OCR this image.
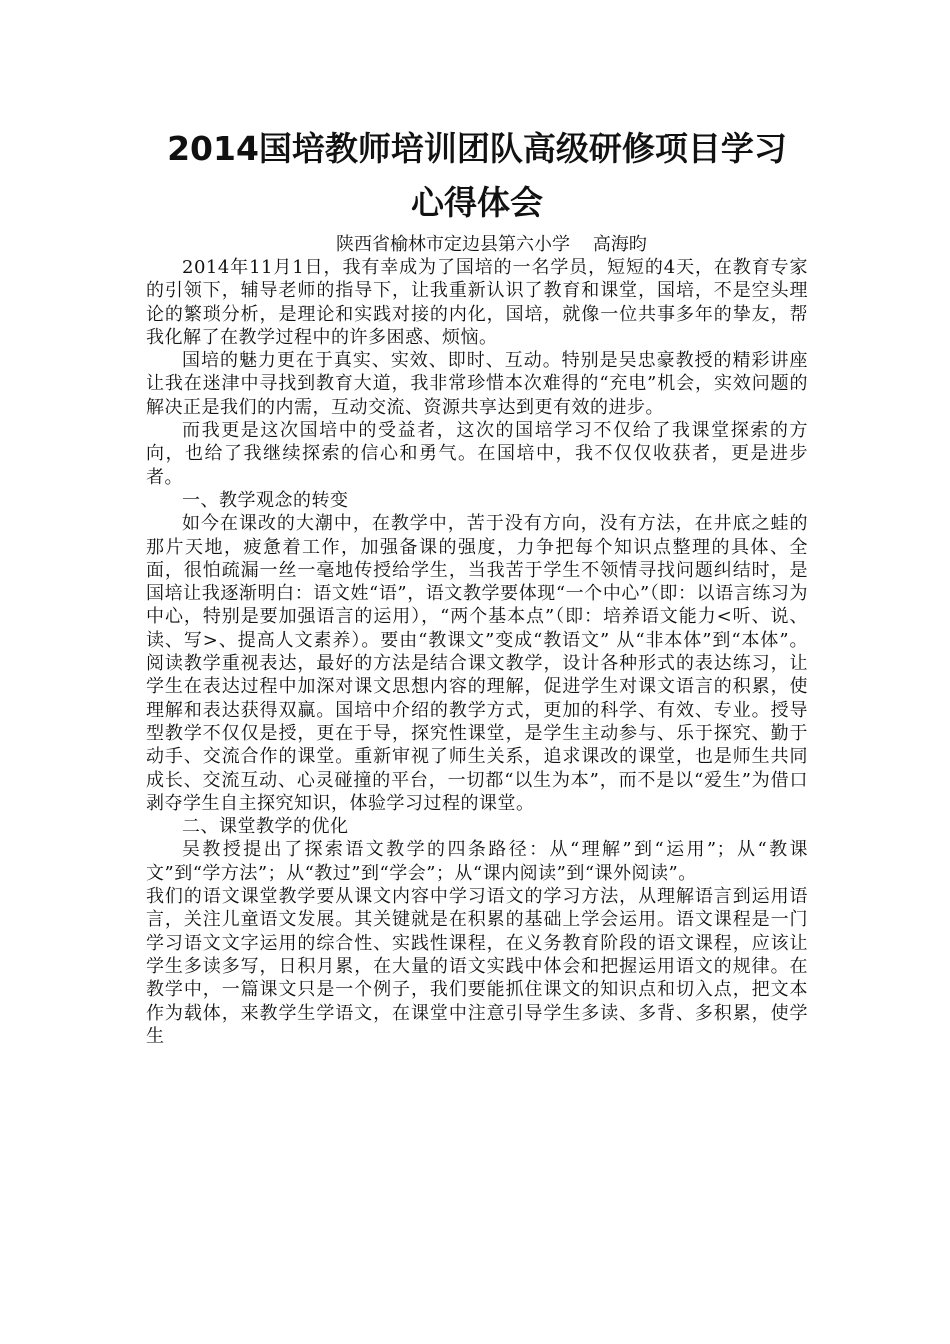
2014国培教师培训团队高级研修项目学习
心得体会
陕西省榆林市定边县第六小学    高海昀

2014年11月1日，我有幸成为了国培的一名学员，短短的4天，在教育专家的引领下，辅导老师的指导下，让我重新认识了教育和课堂，国培，不是空头理论的繁琐分析，是理论和实践对接的内化，国培，就像一位共事多年的挚友，帮我化解了在教学过程中的许多困惑、烦恼。

国培的魅力更在于真实、实效、即时、互动。特别是吴忠豪教授的精彩讲座让我在迷津中寻找到教育大道，我非常珍惜本次难得的“充电”机会，实效问题的解决正是我们的内需，互动交流、资源共享达到更有效的进步。

而我更是这次国培中的受益者，这次的国培学习不仅给了我课堂探索的方向，也给了我继续探索的信心和勇气。在国培中，我不仅仅收获者，更是进步者。

一、教学观念的转变

如今在课改的大潮中，在教学中，苦于没有方向，没有方法，在井底之蛙的那片天地，疲惫着工作，加强备课的强度，力争把每个知识点整理的具体、全面，很怕疏漏一丝一毫地传授给学生，当我苦于学生不领情寻找问题纠结时，是国培让我逐渐明白：语文姓“语”，语文教学要体现“一个中心”（即：以语言练习为中心，特别是要加强语言的运用），“两个基本点”（即：培养语文能力<听、说、读、写>、提高人文素养）。要由“教课文”变成“教语文” 从“非本体”到“本体”。阅读教学重视表达，最好的方法是结合课文教学，设计各种形式的表达练习，让学生在表达过程中加深对课文思想内容的理解，促进学生对课文语言的积累，使理解和表达获得双赢。国培中介绍的教学方式，更加的科学、有效、专业。授导型教学不仅仅是授，更在于导，探究性课堂，是学生主动参与、乐于探究、勤于动手、交流合作的课堂。重新审视了师生关系，追求课改的课堂，也是师生共同成长、交流互动、心灵碰撞的平台，一切都“以生为本”，而不是以“爱生”为借口剥夺学生自主探究知识，体验学习过程的课堂。

二、课堂教学的优化

吴教授提出了探索语文教学的四条路径：从“理解”到“运用”；从“教课文”到“学方法”；从“教过”到“学会”；从“课内阅读”到“课外阅读”。

我们的语文课堂教学要从课文内容中学习语文的学习方法，从理解语言到运用语言，关注儿童语文发展。其关键就是在积累的基础上学会运用。语文课程是一门学习语文文字运用的综合性、实践性课程，在义务教育阶段的语文课程，应该让学生多读多写，日积月累，在大量的语文实践中体会和把握运用语文的规律。在教学中，一篇课文只是一个例子，我们要能抓住课文的知识点和切入点，把文本作为载体，来教学生学语文，在课堂中注意引导学生多读、多背、多积累，使学生
